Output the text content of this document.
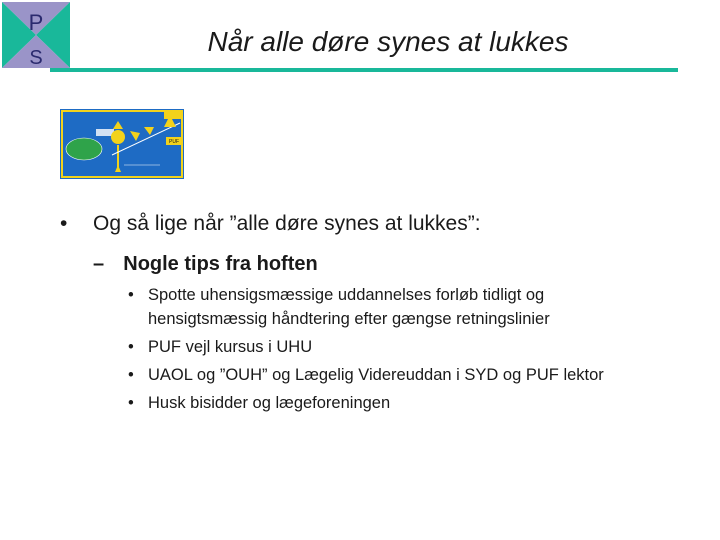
P
S
Når alle døre synes at lukkes
PUF
• Og så lige når ”alle døre synes at lukkes”:
– Nogle tips fra hoften
• Spotte uhensigsmæssige uddannelses forløb tidligt og
hensigtsmæssig håndtering efter gængse retningslinier
• PUF vejl kursus i UHU
• UAOL og ”OUH” og Lægelig Videreuddan i SYD og PUF lektor
• Husk bisidder og lægeforeningen
